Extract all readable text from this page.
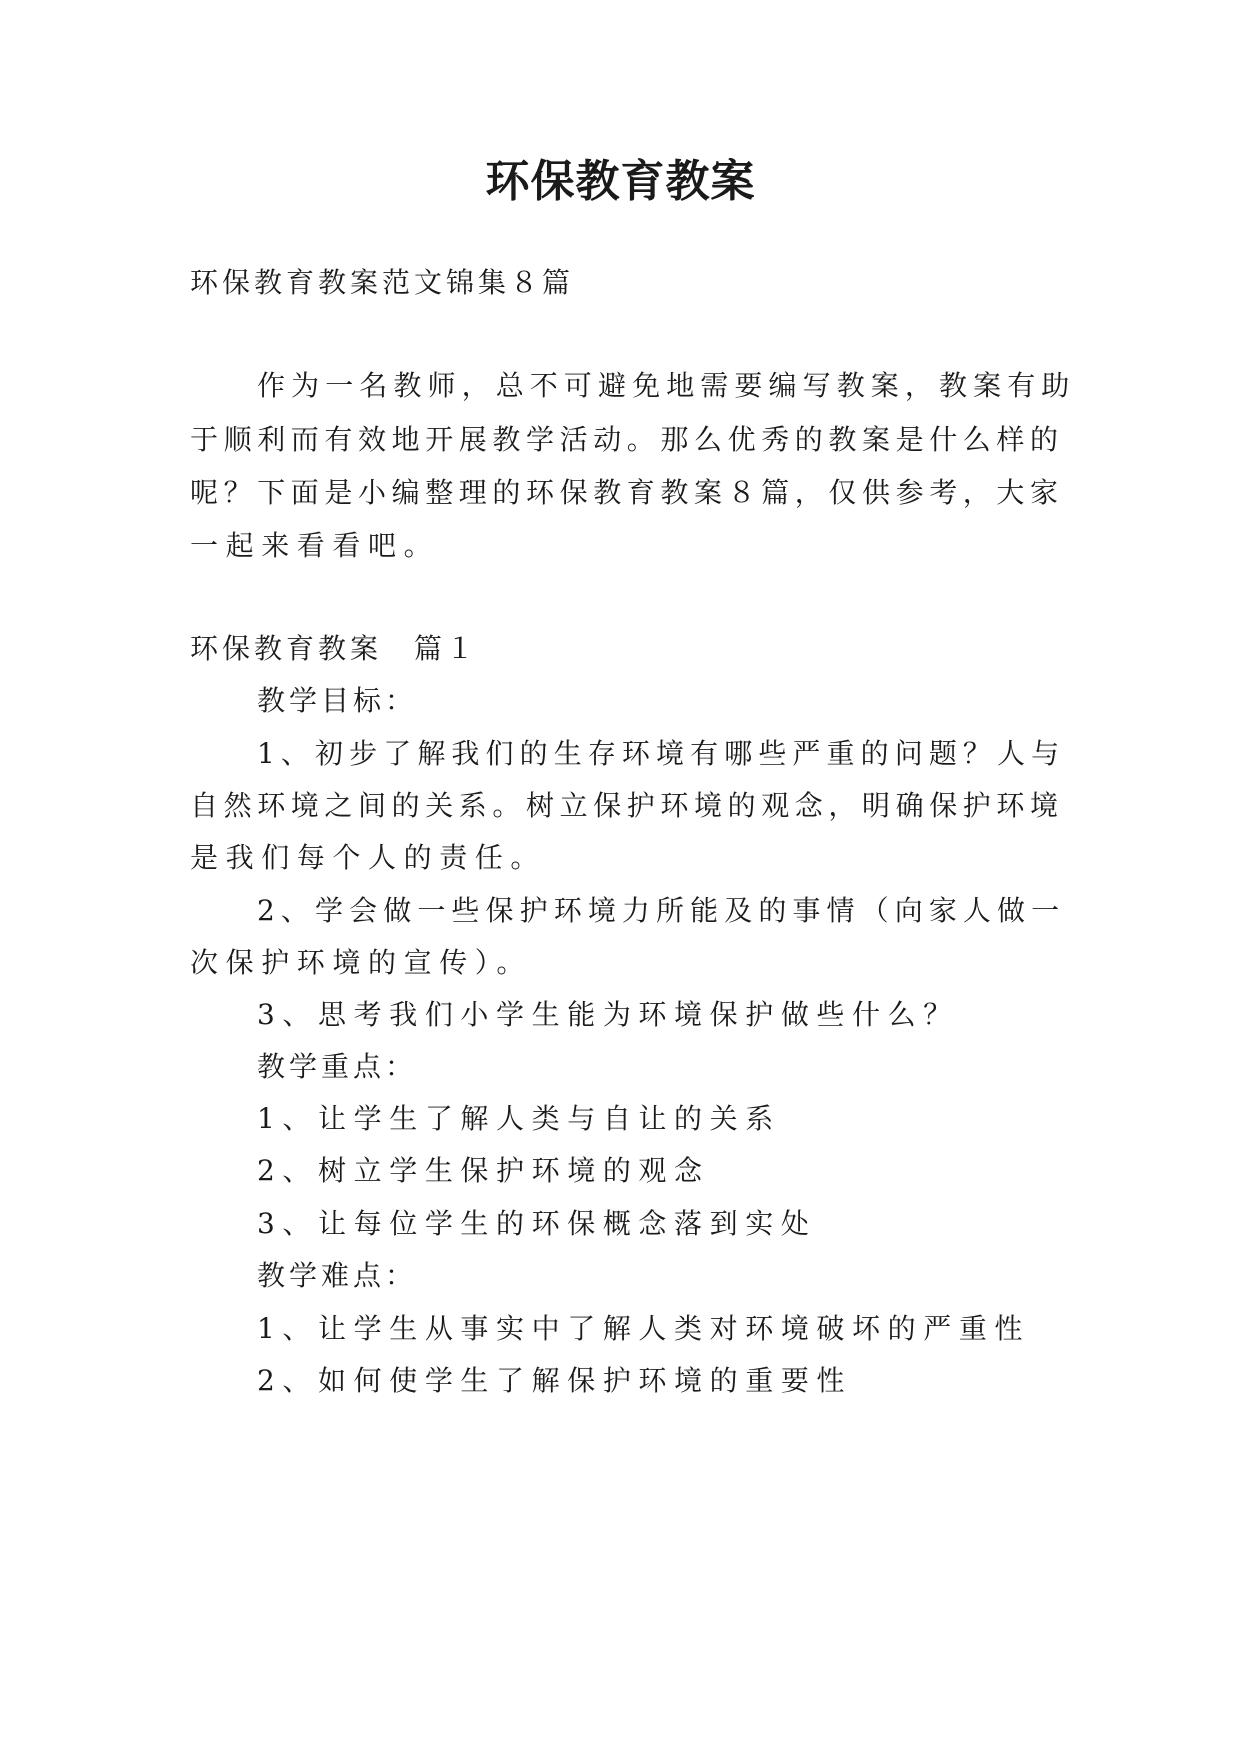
环保教育教案
环保教育教案范文锦集８篇
作为一名教师，总不可避免地需要编写教案，教案有助
于顺利而有效地开展教学活动。那么优秀的教案是什么样的
呢？下面是小编整理的环保教育教案８篇，仅供参考，大家
一起来看看吧。
环保教育教案　篇１
教学目标：
1、初步了解我们的生存环境有哪些严重的问题？人与
自然环境之间的关系。树立保护环境的观念，明确保护环境
是我们每个人的责任。
2、学会做一些保护环境力所能及的事情（向家人做一
次保护环境的宣传）。
3、思考我们小学生能为环境保护做些什么？
教学重点：
1、让学生了解人类与自让的关系
2、树立学生保护环境的观念
3、让每位学生的环保概念落到实处
教学难点：
1、让学生从事实中了解人类对环境破坏的严重性
2、如何使学生了解保护环境的重要性
